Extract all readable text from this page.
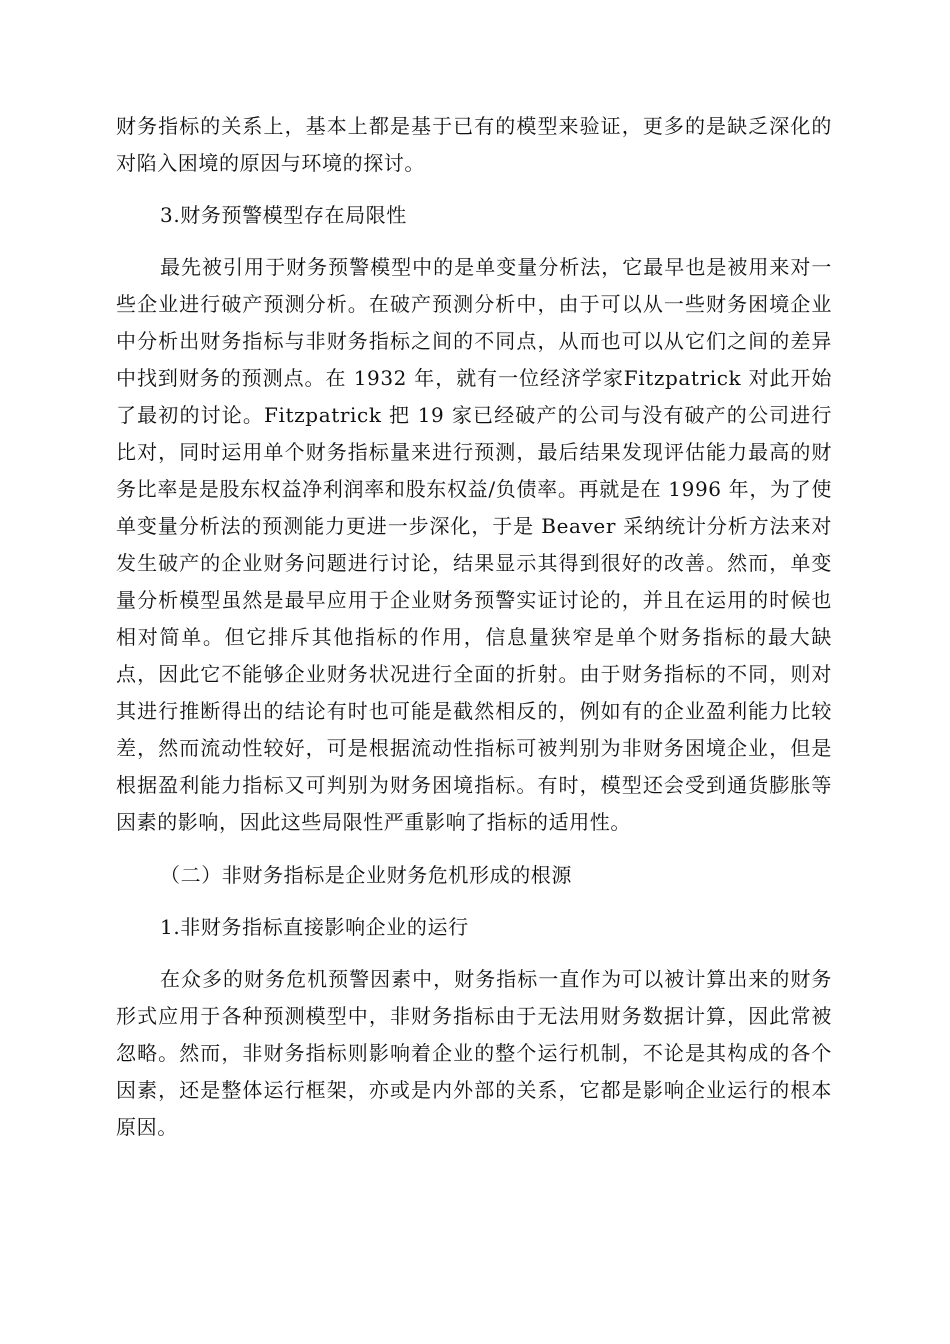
财务指标的关系上，基本上都是基于已有的模型来验证，更多的是缺乏深化的对陷入困境的原因与环境的探讨。

3.财务预警模型存在局限性

最先被引用于财务预警模型中的是单变量分析法，它最早也是被用来对一些企业进行破产预测分析。在破产预测分析中，由于可以从一些财务困境企业中分析出财务指标与非财务指标之间的不同点，从而也可以从它们之间的差异中找到财务的预测点。在 1932 年，就有一位经济学家Fitzpatrick 对此开始了最初的讨论。Fitzpatrick 把 19 家已经破产的公司与没有破产的公司进行比对，同时运用单个财务指标量来进行预测，最后结果发现评估能力最高的财务比率是是股东权益净利润率和股东权益/负债率。再就是在 1996 年，为了使单变量分析法的预测能力更进一步深化，于是 Beaver 采纳统计分析方法来对发生破产的企业财务问题进行讨论，结果显示其得到很好的改善。然而，单变量分析模型虽然是最早应用于企业财务预警实证讨论的，并且在运用的时候也相对简单。但它排斥其他指标的作用，信息量狭窄是单个财务指标的最大缺点，因此它不能够企业财务状况进行全面的折射。由于财务指标的不同，则对其进行推断得出的结论有时也可能是截然相反的，例如有的企业盈利能力比较差，然而流动性较好，可是根据流动性指标可被判别为非财务困境企业，但是根据盈利能力指标又可判别为财务困境指标。有时，模型还会受到通货膨胀等因素的影响，因此这些局限性严重影响了指标的适用性。

（二）非财务指标是企业财务危机形成的根源

1.非财务指标直接影响企业的运行

在众多的财务危机预警因素中，财务指标一直作为可以被计算出来的财务形式应用于各种预测模型中，非财务指标由于无法用财务数据计算，因此常被忽略。然而，非财务指标则影响着企业的整个运行机制，不论是其构成的各个因素，还是整体运行框架，亦或是内外部的关系，它都是影响企业运行的根本原因。
